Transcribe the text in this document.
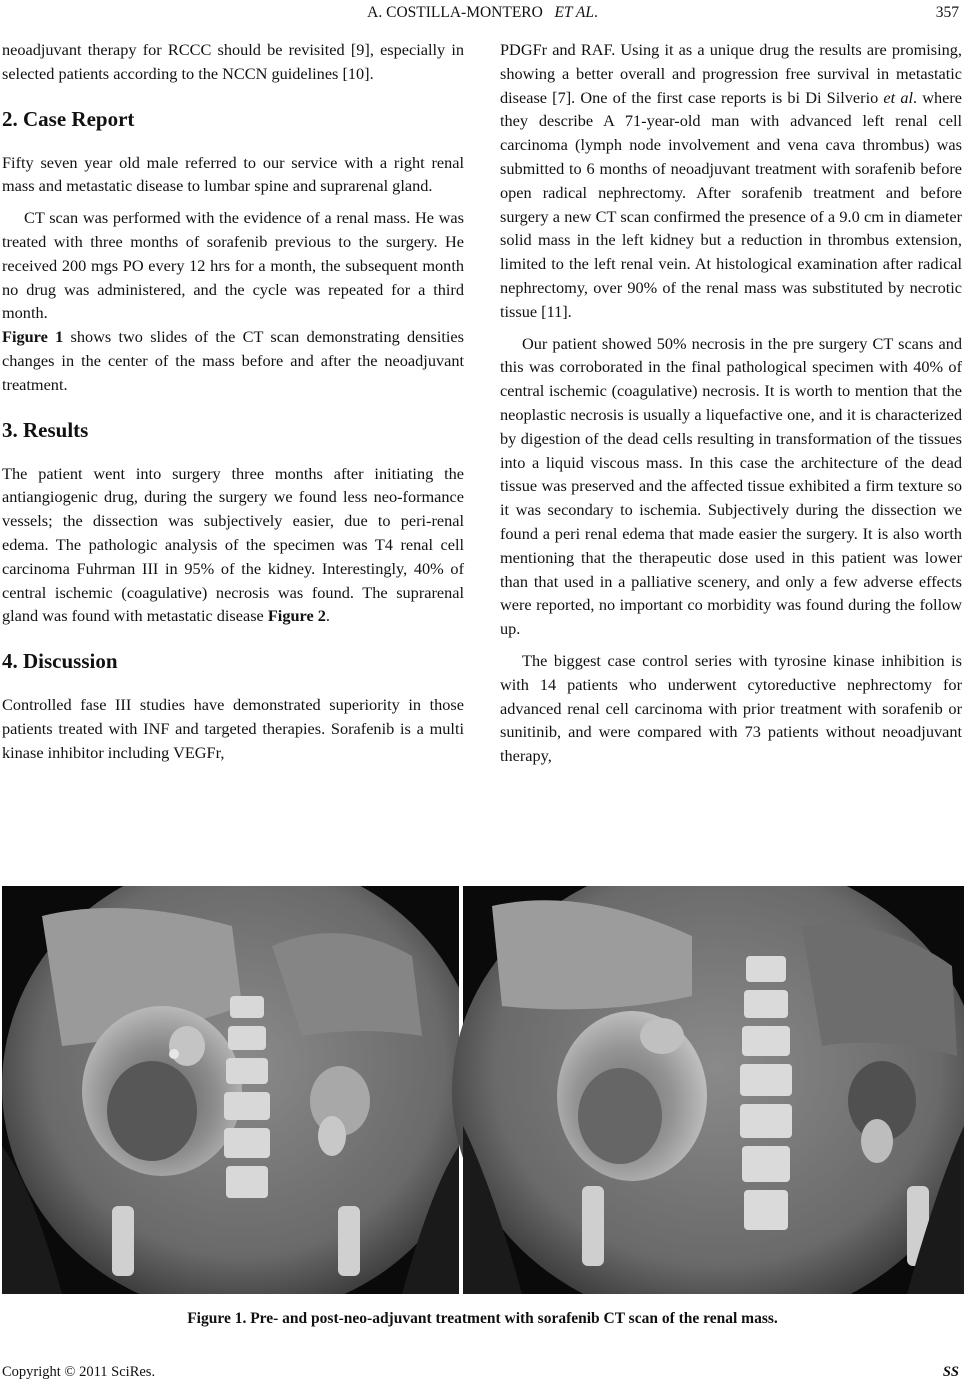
A. COSTILLA-MONTERO ET AL.	357

neoadjuvant therapy for RCCC should be revisited [9], especially in selected patients according to the NCCN guidelines [10].

2. Case Report

Fifty seven year old male referred to our service with a right renal mass and metastatic disease to lumbar spine and suprarenal gland.

CT scan was performed with the evidence of a renal mass. He was treated with three months of sorafenib previous to the surgery. He received 200 mgs PO every 12 hrs for a month, the subsequent month no drug was administered, and the cycle was repeated for a third month.

Figure 1 shows two slides of the CT scan demonstrating densities changes in the center of the mass before and after the neoadjuvant treatment.

3. Results

The patient went into surgery three months after initiating the antiangiogenic drug, during the surgery we found less neo-formance vessels; the dissection was subjectively easier, due to peri-renal edema. The pathologic analysis of the specimen was T4 renal cell carcinoma Fuhrman III in 95% of the kidney. Interestingly, 40% of central ischemic (coagulative) necrosis was found. The suprarenal gland was found with metastatic disease Figure 2.

4. Discussion

Controlled fase III studies have demonstrated superiority in those patients treated with INF and targeted therapies. Sorafenib is a multi kinase inhibitor including VEGFr,

PDGFr and RAF. Using it as a unique drug the results are promising, showing a better overall and progression free survival in metastatic disease [7]. One of the first case reports is bi Di Silverio et al. where they describe A 71-year-old man with advanced left renal cell carcinoma (lymph node involvement and vena cava thrombus) was submitted to 6 months of neoadjuvant treatment with sorafenib before open radical nephrectomy. After sorafenib treatment and before surgery a new CT scan confirmed the presence of a 9.0 cm in diameter solid mass in the left kidney but a reduction in thrombus extension, limited to the left renal vein. At histological examination after radical nephrectomy, over 90% of the renal mass was substituted by necrotic tissue [11].

Our patient showed 50% necrosis in the pre surgery CT scans and this was corroborated in the final pathological specimen with 40% of central ischemic (coagulative) necrosis. It is worth to mention that the neoplastic necrosis is usually a liquefactive one, and it is characterized by digestion of the dead cells resulting in transformation of the tissues into a liquid viscous mass. In this case the architecture of the dead tissue was preserved and the affected tissue exhibited a firm texture so it was secondary to ischemia. Subjectively during the dissection we found a peri renal edema that made easier the surgery. It is also worth mentioning that the therapeutic dose used in this patient was lower than that used in a palliative scenery, and only a few adverse effects were reported, no important co morbidity was found during the follow up.

The biggest case control series with tyrosine kinase inhibition is with 14 patients who underwent cytoreductive nephrectomy for advanced renal cell carcinoma with prior treatment with sorafenib or sunitinib, and were compared with 73 patients without neoadjuvant therapy,

Figure 1. Pre- and post-neo-adjuvant treatment with sorafenib CT scan of the renal mass.
Copyright © 2011 SciRes.	SS
